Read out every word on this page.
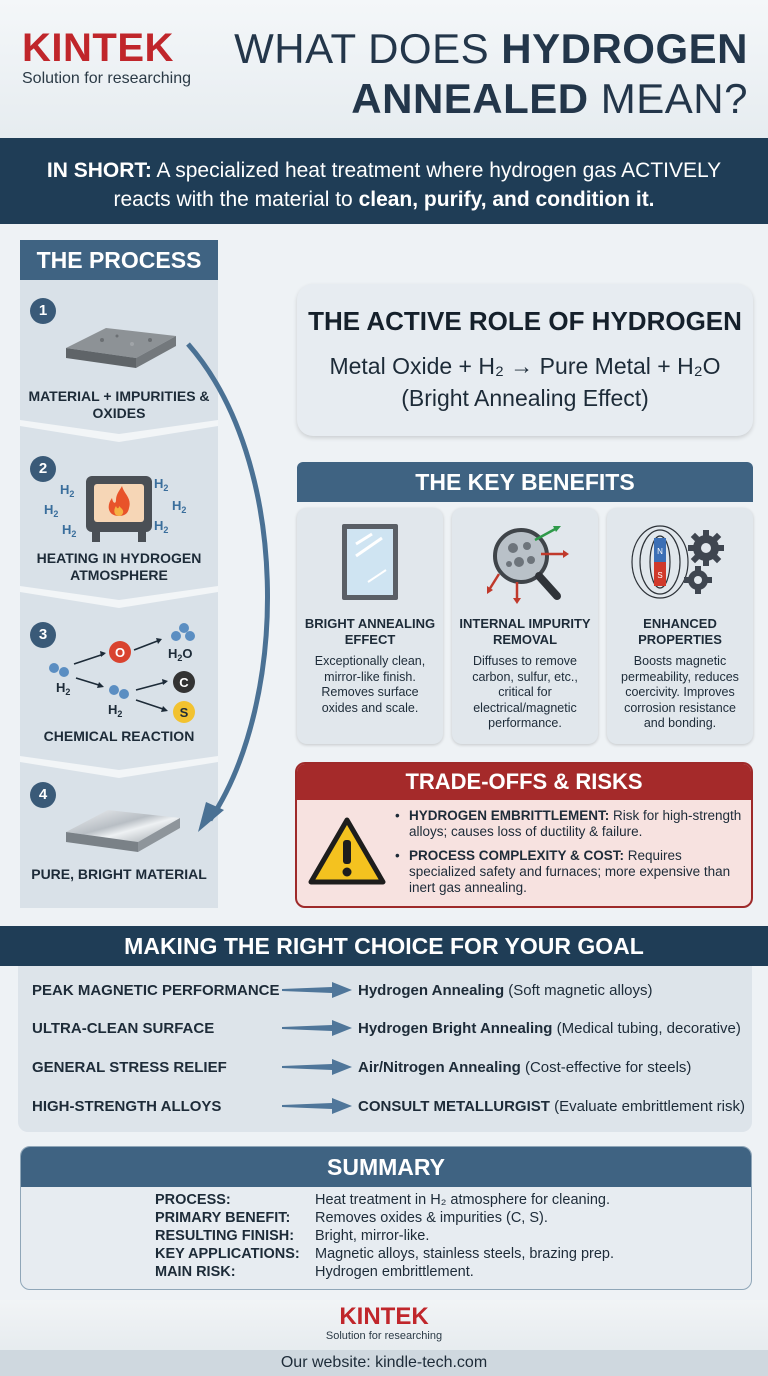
KINTEK
Solution for researching
WHAT DOES HYDROGEN
ANNEALED MEAN?
IN SHORT: A specialized heat treatment where hydrogen gas ACTIVELY reacts with the material to clean, purify, and condition it.
THE PROCESS
1
MATERIAL + IMPURITIES & OXIDES
2
$H_2$
$H_2$
$H_2$
$H_2$
$H_2$
$H_2$
HEATING IN HYDROGEN ATMOSPHERE
3
O
C
S
$H_2O$
$H_2$
$H_2$
CHEMICAL REACTION
4
PURE, BRIGHT MATERIAL
THE ACTIVE ROLE OF HYDROGEN
Metal Oxide + H₂ → Pure Metal + H₂O
(Bright Annealing Effect)
THE KEY BENEFITS
BRIGHT ANNEALING EFFECT
Exceptionally clean, mirror-like finish. Removes surface oxides and scale.
INTERNAL IMPURITY REMOVAL
Diffuses to remove carbon, sulfur, etc., critical for electrical/magnetic performance.
N
S
ENHANCED PROPERTIES
Boosts magnetic permeability, reduces coercivity. Improves corrosion resistance and bonding.
TRADE-OFFS & RISKS
• HYDROGEN EMBRITTLEMENT: Risk for high-strength alloys; causes loss of ductility & failure.
• PROCESS COMPLEXITY & COST: Requires specialized safety and furnaces; more expensive than inert gas annealing.
MAKING THE RIGHT CHOICE FOR YOUR GOAL
PEAK MAGNETIC PERFORMANCE	Hydrogen Annealing (Soft magnetic alloys)
ULTRA-CLEAN SURFACE	Hydrogen Bright Annealing (Medical tubing, decorative)
GENERAL STRESS RELIEF	Air/Nitrogen Annealing (Cost-effective for steels)
HIGH-STRENGTH ALLOYS	CONSULT METALLURGIST (Evaluate embrittlement risk)
SUMMARY
PROCESS:	Heat treatment in H₂ atmosphere for cleaning.
PRIMARY BENEFIT: Removes oxides & impurities (C, S).
RESULTING FINISH: Bright, mirror-like.
KEY APPLICATIONS: Magnetic alloys, stainless steels, brazing prep.
MAIN RISK:	Hydrogen embrittlement.
KINTEK
Solution for researching
Our website: kindle-tech.com
